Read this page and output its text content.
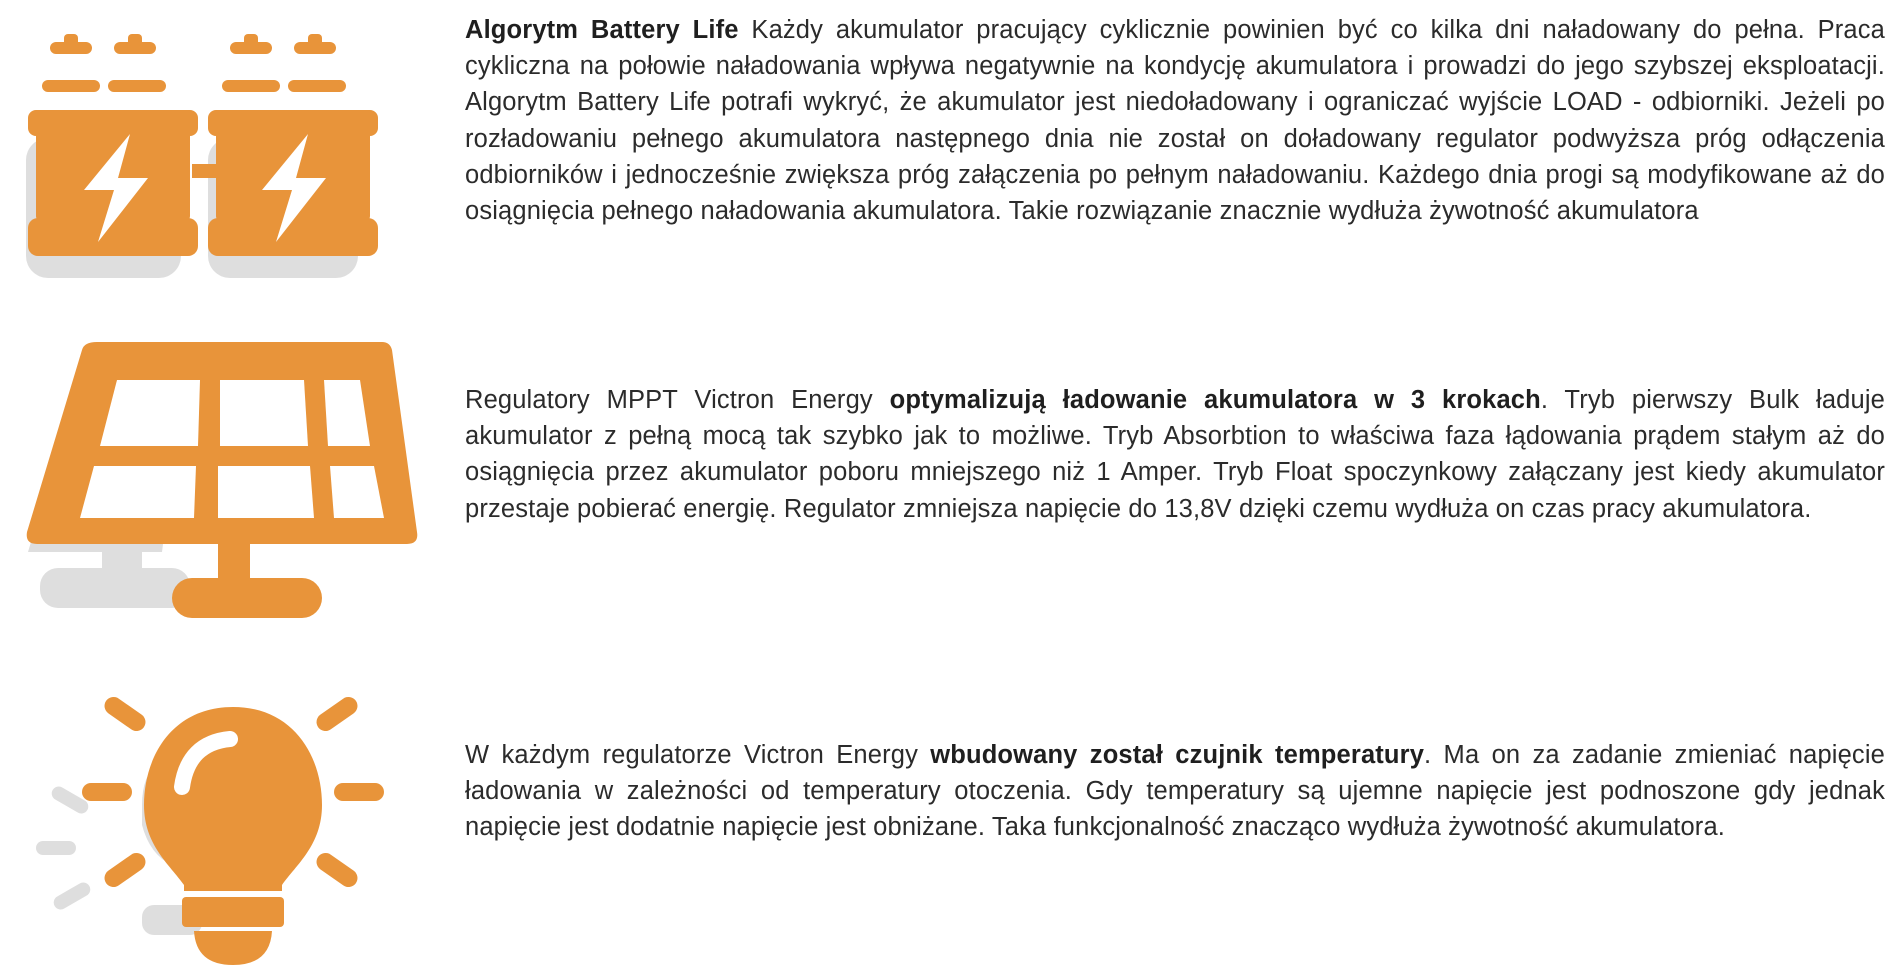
Algorytm Battery Life Każdy akumulator pracujący cyklicznie powinien być co kilka dni naładowany do pełna. Praca cykliczna na połowie naładowania wpływa negatywnie na kondycję akumulatora i prowadzi do jego szybszej eksploatacji. Algorytm Battery Life potrafi wykryć, że akumulator jest niedoładowany i ograniczać wyjście LOAD - odbiorniki. Jeżeli po rozładowaniu pełnego akumulatora następnego dnia nie został on doładowany regulator podwyższa próg odłączenia odbiorników i jednocześnie zwiększa próg załączenia po pełnym naładowaniu. Każdego dnia progi są modyfikowane aż do osiągnięcia pełnego naładowania akumulatora. Takie rozwiązanie znacznie wydłuża żywotność akumulatora

Regulatory MPPT Victron Energy optymalizują ładowanie akumulatora w 3 krokach. Tryb pierwszy Bulk ładuje akumulator z pełną mocą tak szybko jak to możliwe. Tryb Absorbtion to właściwa faza łądowania prądem stałym aż do osiągnięcia przez akumulator poboru mniejszego niż 1 Amper. Tryb Float spoczynkowy załączany jest kiedy akumulator przestaje pobierać energię. Regulator zmniejsza napięcie do 13,8V dzięki czemu wydłuża on czas pracy akumulatora.

W każdym regulatorze Victron Energy wbudowany został czujnik temperatury. Ma on za zadanie zmieniać napięcie ładowania w zależności od temperatury otoczenia. Gdy temperatury są ujemne napięcie jest podnoszone gdy jednak napięcie jest dodatnie napięcie jest obniżane. Taka funkcjonalność znacząco wydłuża żywotność akumulatora.
